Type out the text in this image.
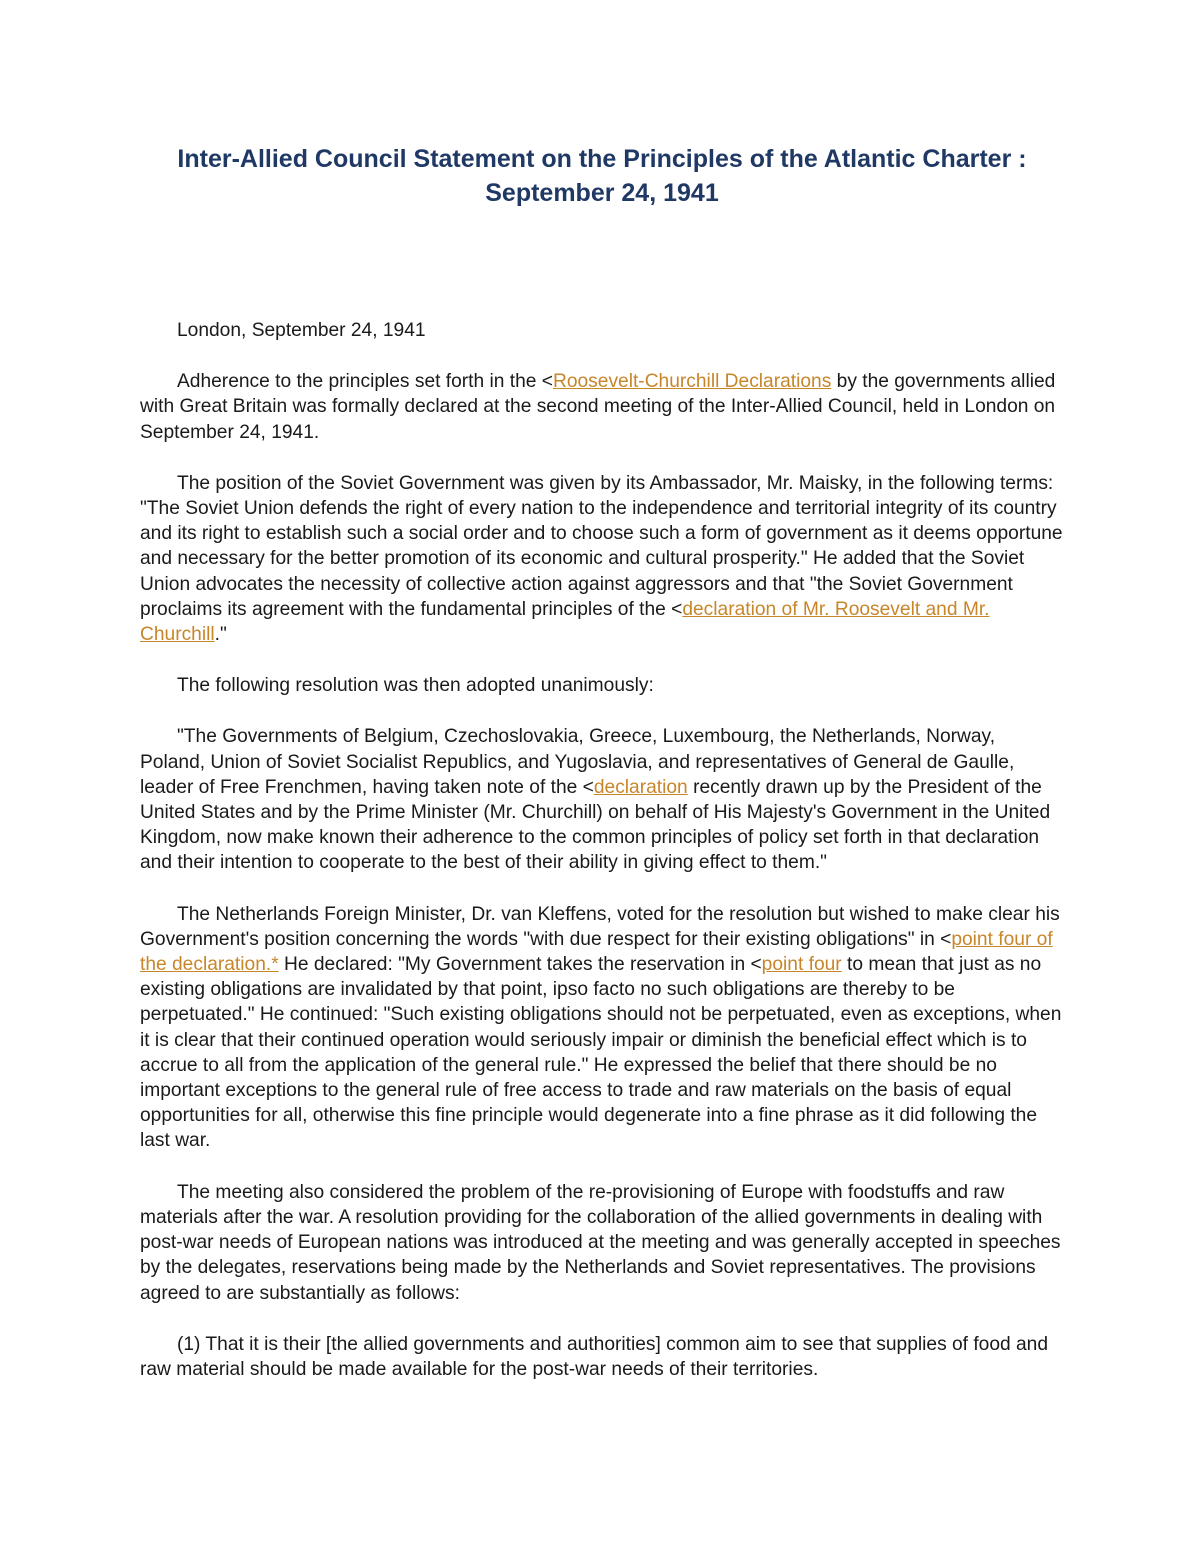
Inter-Allied Council Statement on the Principles of the Atlantic Charter : September 24, 1941

London, September 24, 1941

Adherence to the principles set forth in the <Roosevelt-Churchill Declarations by the governments allied with Great Britain was formally declared at the second meeting of the Inter-Allied Council, held in London on September 24, 1941.

The position of the Soviet Government was given by its Ambassador, Mr. Maisky, in the following terms: "The Soviet Union defends the right of every nation to the independence and territorial integrity of its country and its right to establish such a social order and to choose such a form of government as it deems opportune and necessary for the better promotion of its economic and cultural prosperity." He added that the Soviet Union advocates the necessity of collective action against aggressors and that "the Soviet Government proclaims its agreement with the fundamental principles of the <declaration of Mr. Roosevelt and Mr. Churchill."

The following resolution was then adopted unanimously:

"The Governments of Belgium, Czechoslovakia, Greece, Luxembourg, the Netherlands, Norway, Poland, Union of Soviet Socialist Republics, and Yugoslavia, and representatives of General de Gaulle, leader of Free Frenchmen, having taken note of the <declaration recently drawn up by the President of the United States and by the Prime Minister (Mr. Churchill) on behalf of His Majesty's Government in the United Kingdom, now make known their adherence to the common principles of policy set forth in that declaration and their intention to cooperate to the best of their ability in giving effect to them."

The Netherlands Foreign Minister, Dr. van Kleffens, voted for the resolution but wished to make clear his Government's position concerning the words "with due respect for their existing obligations" in <point four of the declaration.* He declared: "My Government takes the reservation in <point four to mean that just as no existing obligations are invalidated by that point, ipso facto no such obligations are thereby to be perpetuated." He continued: "Such existing obligations should not be perpetuated, even as exceptions, when it is clear that their continued operation would seriously impair or diminish the beneficial effect which is to accrue to all from the application of the general rule." He expressed the belief that there should be no important exceptions to the general rule of free access to trade and raw materials on the basis of equal opportunities for all, otherwise this fine principle would degenerate into a fine phrase as it did following the last war.

The meeting also considered the problem of the re-provisioning of Europe with foodstuffs and raw materials after the war. A resolution providing for the collaboration of the allied governments in dealing with post-war needs of European nations was introduced at the meeting and was generally accepted in speeches by the delegates, reservations being made by the Netherlands and Soviet representatives. The provisions agreed to are substantially as follows:

(1) That it is their [the allied governments and authorities] common aim to see that supplies of food and raw material should be made available for the post-war needs of their territories.
